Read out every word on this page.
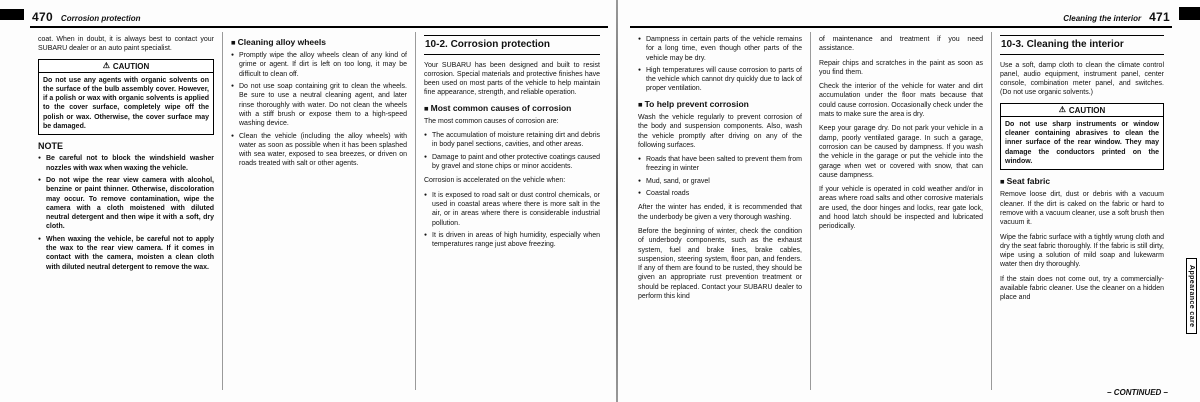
470 Corrosion protection

coat. When in doubt, it is always best to contact your SUBARU dealer or an auto paint specialist.

⚠ CAUTION
Do not use any agents with organic solvents on the surface of the bulb assembly cover. However, if a polish or wax with organic solvents is applied to the cover surface, completely wipe off the polish or wax. Otherwise, the cover surface may be damaged.
NOTE
● Be careful not to block the windshield washer nozzles with wax when waxing the vehicle.
● Do not wipe the rear view camera with alcohol, benzine or paint thinner. Otherwise, discoloration may occur. To remove contamination, wipe the camera with a cloth moistened with diluted neutral detergent and then wipe it with a soft, dry cloth.
● When waxing the vehicle, be careful not to apply the wax to the rear view camera. If it comes in contact with the camera, moisten a clean cloth with diluted neutral detergent to remove the wax.
■ Cleaning alloy wheels
● Promptly wipe the alloy wheels clean of any kind of grime or agent. If dirt is left on too long, it may be difficult to clean off.
● Do not use soap containing grit to clean the wheels. Be sure to use a neutral cleaning agent, and later rinse thoroughly with water. Do not clean the wheels with a stiff brush or expose them to a high-speed washing device.
● Clean the vehicle (including the alloy wheels) with water as soon as possible when it has been splashed with sea water, exposed to sea breezes, or driven on roads treated with salt or other agents.
10-2. Corrosion protection

Your SUBARU has been designed and built to resist corrosion. Special materials and protective finishes have been used on most parts of the vehicle to help maintain fine appearance, strength, and reliable operation.

■ Most common causes of corrosion

The most common causes of corrosion are:

● The accumulation of moisture retaining dirt and debris in body panel sections, cavities, and other areas.
● Damage to paint and other protective coatings caused by gravel and stone chips or minor accidents.

Corrosion is accelerated on the vehicle when:

● It is exposed to road salt or dust control chemicals, or used in coastal areas where there is more salt in the air, or in areas where there is considerable industrial pollution.
● It is driven in areas of high humidity, especially when temperatures range just above freezing.
Cleaning the interior 471
● Dampness in certain parts of the vehicle remains for a long time, even though other parts of the vehicle may be dry.
● High temperatures will cause corrosion to parts of the vehicle which cannot dry quickly due to lack of proper ventilation.
■ To help prevent corrosion

Wash the vehicle regularly to prevent corrosion of the body and suspension components. Also, wash the vehicle promptly after driving on any of the following surfaces.

● Roads that have been salted to prevent them from freezing in winter
● Mud, sand, or gravel
● Coastal roads

After the winter has ended, it is recommended that the underbody be given a very thorough washing.

Before the beginning of winter, check the condition of underbody components, such as the exhaust system, fuel and brake lines, brake cables, suspension, steering system, floor pan, and fenders. If any of them are found to be rusted, they should be given an appropriate rust prevention treatment or should be replaced. Contact your SUBARU dealer to perform this kind

of maintenance and treatment if you need assistance.

Repair chips and scratches in the paint as soon as you find them.

Check the interior of the vehicle for water and dirt accumulation under the floor mats because that could cause corrosion. Occasionally check under the mats to make sure the area is dry.

Keep your garage dry. Do not park your vehicle in a damp, poorly ventilated garage. In such a garage, corrosion can be caused by dampness. If you wash the vehicle in the garage or put the vehicle into the garage when wet or covered with snow, that can cause dampness.

If your vehicle is operated in cold weather and/or in areas where road salts and other corrosive materials are used, the door hinges and locks, rear gate lock, and hood latch should be inspected and lubricated periodically.

10-3. Cleaning the interior

Use a soft, damp cloth to clean the climate control panel, audio equipment, instrument panel, center console, combination meter panel, and switches. (Do not use organic solvents.)

⚠ CAUTION
Do not use sharp instruments or window cleaner containing abrasives to clean the inner surface of the rear window. They may damage the conductors printed on the window.
■ Seat fabric

Remove loose dirt, dust or debris with a vacuum cleaner. If the dirt is caked on the fabric or hard to remove with a vacuum cleaner, use a soft brush then vacuum it.

Wipe the fabric surface with a tightly wrung cloth and dry the seat fabric thoroughly. If the fabric is still dirty, wipe using a solution of mild soap and lukewarm water then dry thoroughly.

If the stain does not come out, try a commercially-available fabric cleaner. Use the cleaner on a hidden place and	Appearance care
– CONTINUED –
